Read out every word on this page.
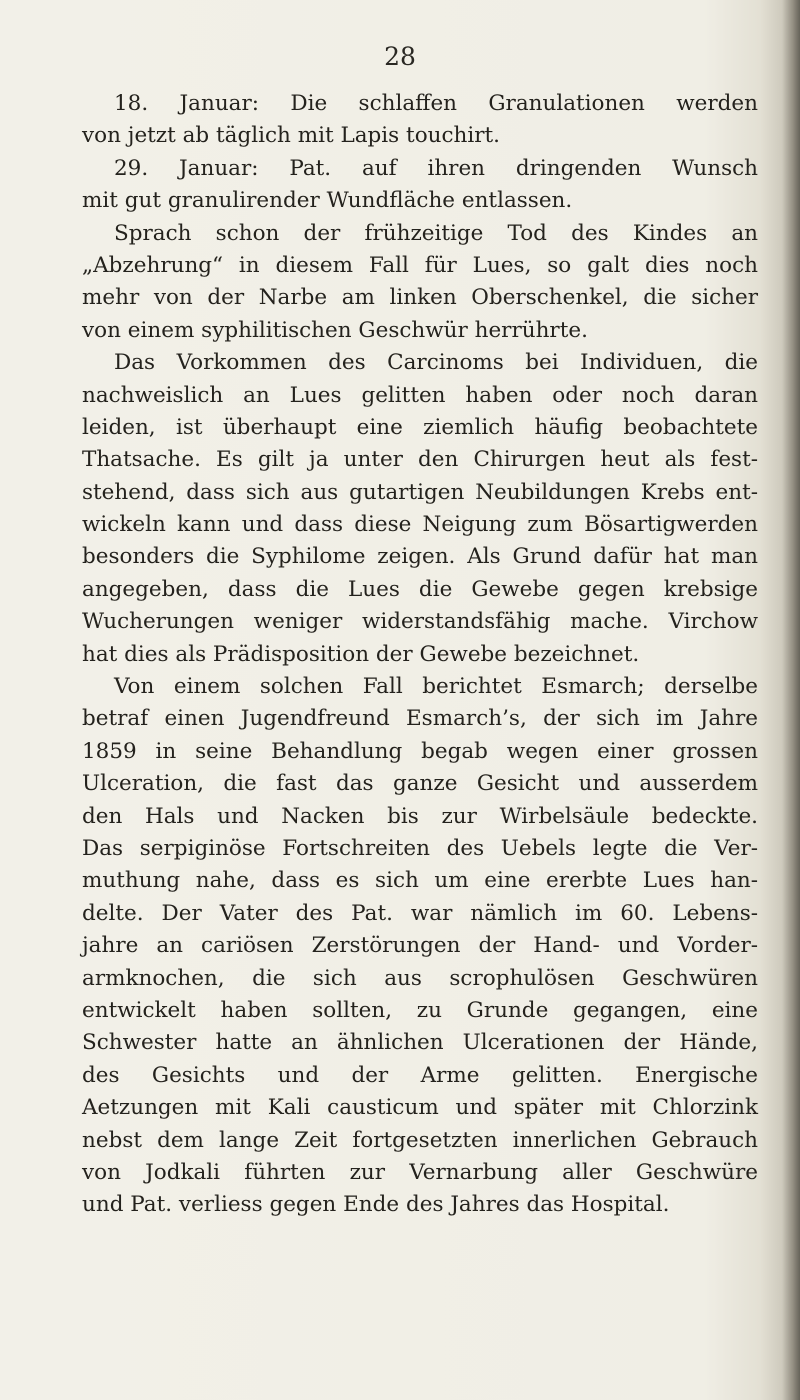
28
18. Januar: Die schlaffen Granulationen werden
von jetzt ab täglich mit Lapis touchirt.
29. Januar: Pat. auf ihren dringenden Wunsch
mit gut granulirender Wundfläche entlassen.
Sprach schon der frühzeitige Tod des Kindes an
„Abzehrung“ in diesem Fall für Lues, so galt dies noch
mehr von der Narbe am linken Oberschenkel, die sicher
von einem syphilitischen Geschwür herrührte.
Das Vorkommen des Carcinoms bei Individuen, die
nachweislich an Lues gelitten haben oder noch daran
leiden, ist überhaupt eine ziemlich häufig beobachtete
Thatsache. Es gilt ja unter den Chirurgen heut als fest-
stehend, dass sich aus gutartigen Neubildungen Krebs ent-
wickeln kann und dass diese Neigung zum Bösartigwerden
besonders die Syphilome zeigen. Als Grund dafür hat man
angegeben, dass die Lues die Gewebe gegen krebsige
Wucherungen weniger widerstandsfähig mache. Virchow
hat dies als Prädisposition der Gewebe bezeichnet.
Von einem solchen Fall berichtet Esmarch; derselbe
betraf einen Jugendfreund Esmarch’s, der sich im Jahre
1859 in seine Behandlung begab wegen einer grossen
Ulceration, die fast das ganze Gesicht und ausserdem
den Hals und Nacken bis zur Wirbelsäule bedeckte.
Das serpiginöse Fortschreiten des Uebels legte die Ver-
muthung nahe, dass es sich um eine ererbte Lues han-
delte. Der Vater des Pat. war nämlich im 60. Lebens-
jahre an cariösen Zerstörungen der Hand- und Vorder-
armknochen, die sich aus scrophulösen Geschwüren
entwickelt haben sollten, zu Grunde gegangen, eine
Schwester hatte an ähnlichen Ulcerationen der Hände,
des Gesichts und der Arme gelitten. Energische
Aetzungen mit Kali causticum und später mit Chlorzink
nebst dem lange Zeit fortgesetzten innerlichen Gebrauch
von Jodkali führten zur Vernarbung aller Geschwüre
und Pat. verliess gegen Ende des Jahres das Hospital.
